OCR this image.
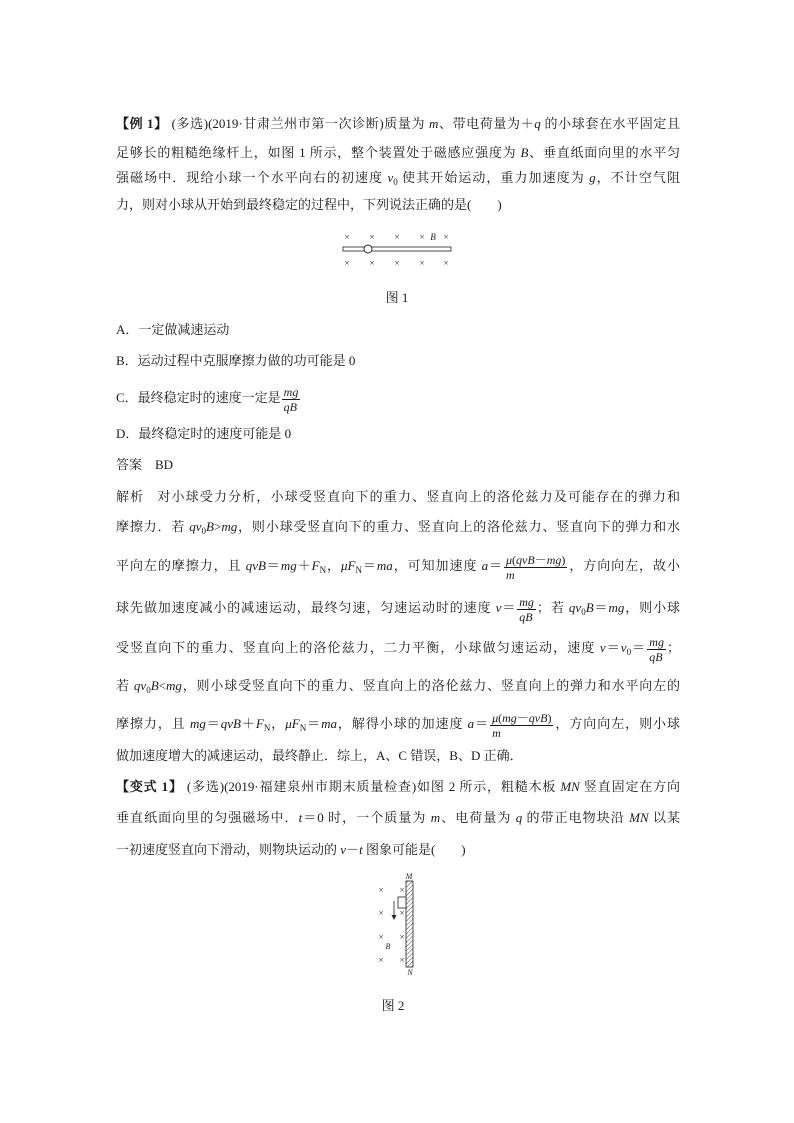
【例 1】 (多选)(2019·甘肃兰州市第一次诊断)质量为 m、带电荷量为＋q 的小球套在水平固定且
足够长的粗糙绝缘杆上，如图 1 所示，整个装置处于磁感应强度为 B、垂直纸面向里的水平匀
强磁场中．现给小球一个水平向右的初速度 $v_0$ 使其开始运动，重力加速度为 g，不计空气阻
力，则对小球从开始到最终稳定的过程中，下列说法正确的是(　　)
× × × × B ×
× × × × ×
图 1
A．一定做减速运动
B．运动过程中克服摩擦力做的功可能是 0
C．最终稳定时的速度一定是 $\frac{mg}{qB}$
D．最终稳定时的速度可能是 0
答案 BD
解析 对小球受力分析，小球受竖直向下的重力、竖直向上的洛伦兹力及可能存在的弹力和
摩擦力．若 $qv_0B>mg$，则小球受竖直向下的重力、竖直向上的洛伦兹力、竖直向下的弹力和水
平向左的摩擦力，且 $qvB=mg+F_N$，$\mu F_N=ma$，可知加速度 $a= \frac{\text{μ(qvB－mg)}}{m}$ ，方向向左，故小
球先做加速度减小的减速运动，最终匀速，匀速运动时的速度 $v= \frac{mg}{qB}$ ；若 $qv_0B=mg$，则小球
受竖直向下的重力、竖直向上的洛伦兹力，二力平衡，小球做匀速运动，速度 $v=v_0= \frac{mg}{qB}$ ；
若 $qv_0B<mg$，则小球受竖直向下的重力、竖直向上的洛伦兹力、竖直向上的弹力和水平向左的
摩擦力，且 $mg=qvB+F_N$，$\mu F_N=ma$，解得小球的加速度 $a= \frac{\text{μ(mg－qvB)}}{m}$ ，方向向左，则小球
做加速度增大的减速运动，最终静止．综上，A、C 错误，B、D 正确．
【变式 1】 (多选)(2019·福建泉州市期末质量检查)如图 2 所示，粗糙木板 MN 竖直固定在方向
垂直纸面向里的匀强磁场中．t＝0 时，一个质量为 m、电荷量为 q 的带正电物块沿 MN 以某
一初速度竖直向下滑动，则物块运动的 v－t 图象可能是(　　)
M
× ×
× ×
× ×
× ×
B
N
图 2
